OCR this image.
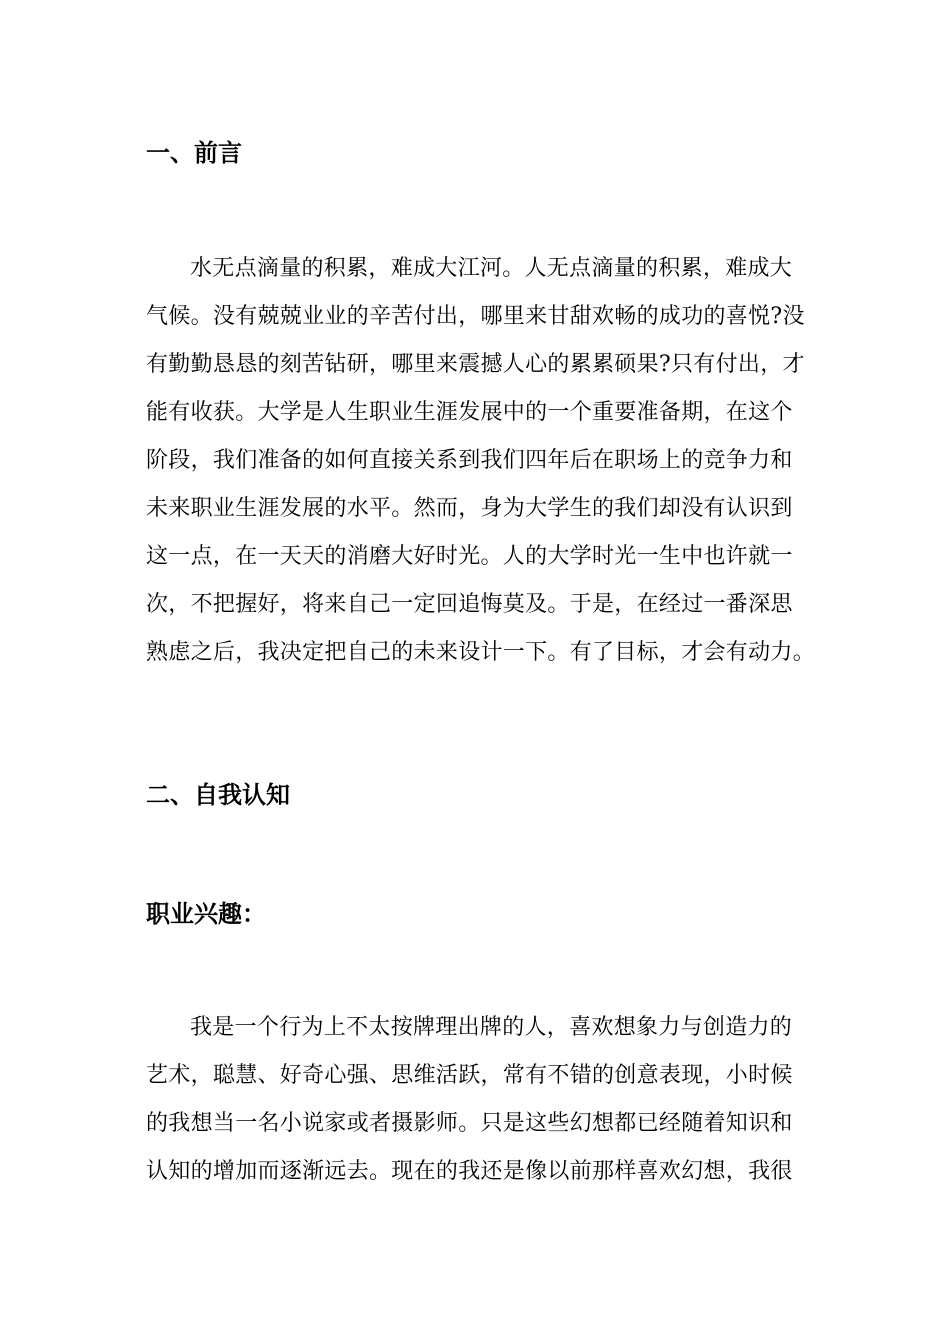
一、前言
水无点滴量的积累，难成大江河。人无点滴量的积累，难成大
气候。没有兢兢业业的辛苦付出，哪里来甘甜欢畅的成功的喜悦?没
有勤勤恳恳的刻苦钻研，哪里来震撼人心的累累硕果?只有付出，才
能有收获。大学是人生职业生涯发展中的一个重要准备期，在这个
阶段，我们准备的如何直接关系到我们四年后在职场上的竞争力和
未来职业生涯发展的水平。然而，身为大学生的我们却没有认识到
这一点，在一天天的消磨大好时光。人的大学时光一生中也许就一
次，不把握好，将来自己一定回追悔莫及。于是，在经过一番深思
熟虑之后，我决定把自己的未来设计一下。有了目标，才会有动力。
二、自我认知
职业兴趣：
我是一个行为上不太按牌理出牌的人，喜欢想象力与创造力的
艺术，聪慧、好奇心强、思维活跃，常有不错的创意表现，小时候
的我想当一名小说家或者摄影师。只是这些幻想都已经随着知识和
认知的增加而逐渐远去。现在的我还是像以前那样喜欢幻想，我很
